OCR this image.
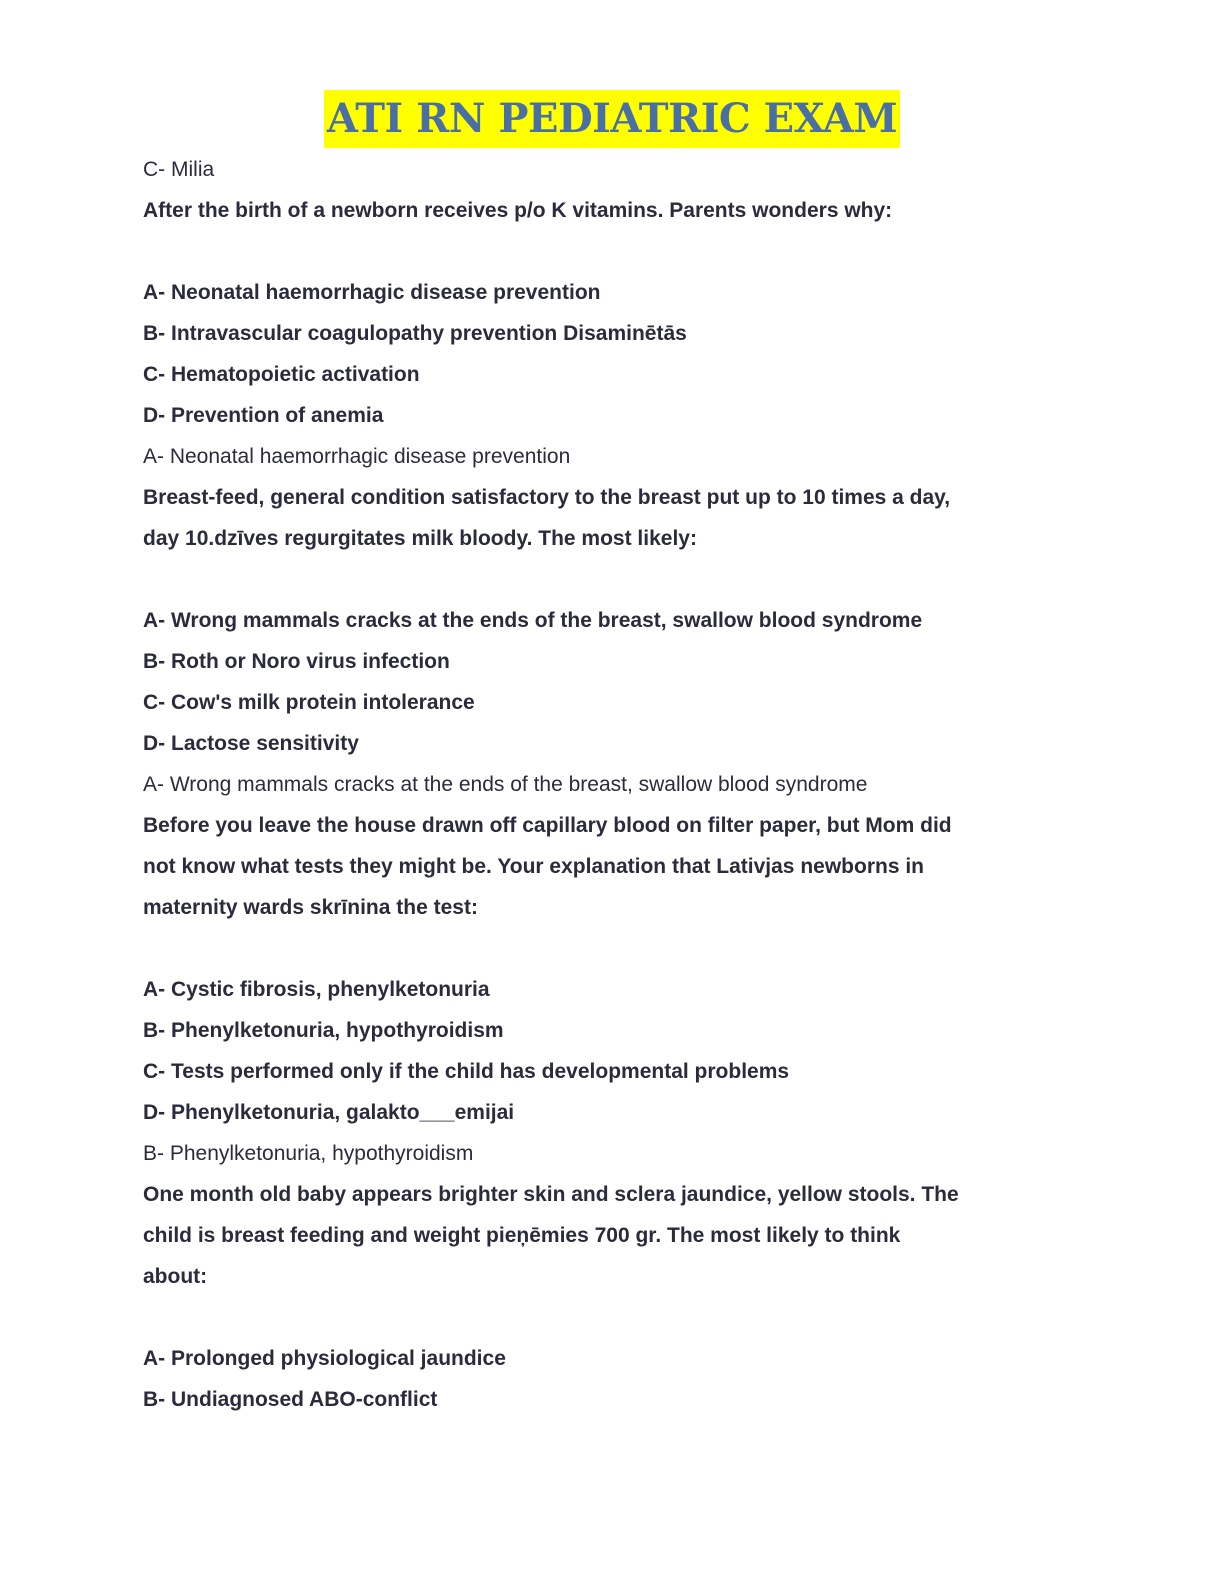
ATI RN PEDIATRIC EXAM

C- Milia

After the birth of a newborn receives p/o K vitamins. Parents wonders why:

A- Neonatal haemorrhagic disease prevention

B- Intravascular coagulopathy prevention Disaminētās

C- Hematopoietic activation

D- Prevention of anemia

A- Neonatal haemorrhagic disease prevention

Breast-feed, general condition satisfactory to the breast put up to 10 times a day,

day 10.dzīves regurgitates milk bloody. The most likely:

A- Wrong mammals cracks at the ends of the breast, swallow blood syndrome

B- Roth or Noro virus infection

C- Cow's milk protein intolerance

D- Lactose sensitivity

A- Wrong mammals cracks at the ends of the breast, swallow blood syndrome

Before you leave the house drawn off capillary blood on filter paper, but Mom did

not know what tests they might be. Your explanation that Lativjas newborns in

maternity wards skrīnina the test:

A- Cystic fibrosis, phenylketonuria

B- Phenylketonuria, hypothyroidism

C- Tests performed only if the child has developmental problems

D- Phenylketonuria, galakto___emijai

B- Phenylketonuria, hypothyroidism

One month old baby appears brighter skin and sclera jaundice, yellow stools. The

child is breast feeding and weight pieņēmies 700 gr. The most likely to think

about:

A- Prolonged physiological jaundice

B- Undiagnosed ABO-conflict
